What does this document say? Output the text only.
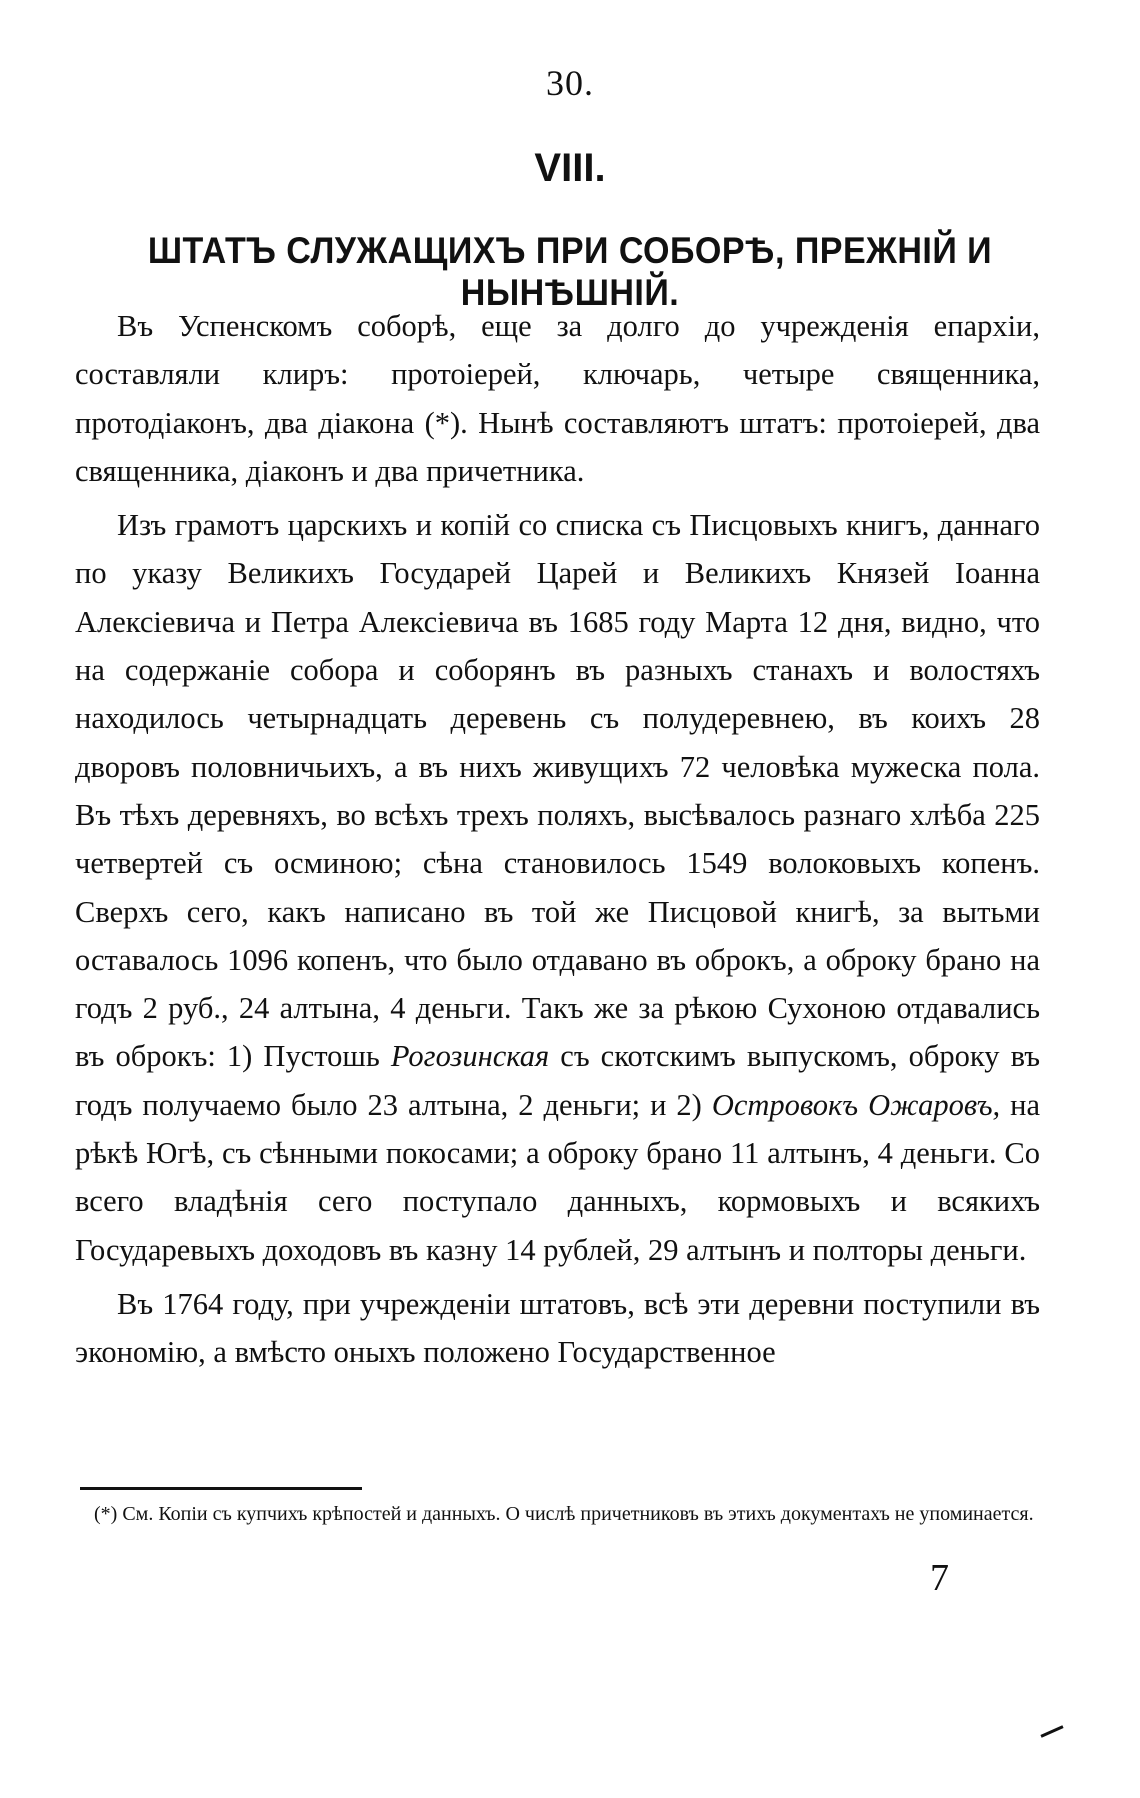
30.
VIII.
ШТАТЪ СЛУЖАЩИХЪ ПРИ СОБОРѢ, ПРЕЖНІЙ И НЫНѢШНІЙ.

Въ Успенскомъ соборѣ, еще за долго до учрежденія епархіи, составляли клиръ: протоіерей, ключарь, четыре священника, протодіаконъ, два діакона (*). Нынѣ составляютъ штатъ: протоіерей, два священника, діаконъ и два причетника.

Изъ грамотъ царскихъ и копій со списка съ Писцовыхъ книгъ, даннаго по указу Великихъ Государей Царей и Великихъ Князей Іоанна Алексіевича и Петра Алексіевича въ 1685 году Марта 12 дня, видно, что на содержаніе собора и соборянъ въ разныхъ станахъ и волостяхъ находилось четырнадцать деревень съ полудеревнею, въ коихъ 28 дворовъ половничьихъ, а въ нихъ живущихъ 72 человѣка мужеска пола. Въ тѣхъ деревняхъ, во всѣхъ трехъ поляхъ, высѣвалось разнаго хлѣба 225 четвертей съ осминою; сѣна становилось 1549 волоковыхъ копенъ. Сверхъ сего, какъ написано въ той же Писцовой книгѣ, за вытьми оставалось 1096 копенъ, что было отдавано въ оброкъ, а оброку брано на годъ 2 руб., 24 алтына, 4 деньги. Такъ же за рѣкою Сухоною отдавались въ оброкъ: 1) Пустошь Рогозинская съ скотскимъ выпускомъ, оброку въ годъ получаемо было 23 алтына, 2 деньги; и 2) Островокъ Ожаровъ, на рѣкѣ Югѣ, съ сѣнными покосами; а оброку брано 11 алтынъ, 4 деньги. Со всего владѣнія сего поступало данныхъ, кормовыхъ и всякихъ Государевыхъ доходовъ въ казну 14 рублей, 29 алтынъ и полторы деньги.

Въ 1764 году, при учрежденіи штатовъ, всѣ эти деревни поступили въ экономію, а вмѣсто оныхъ положено Государственное

(*) См. Копіи съ купчихъ крѣпостей и данныхъ. О числѣ причетниковъ въ этихъ документахъ не упоминается.

7
